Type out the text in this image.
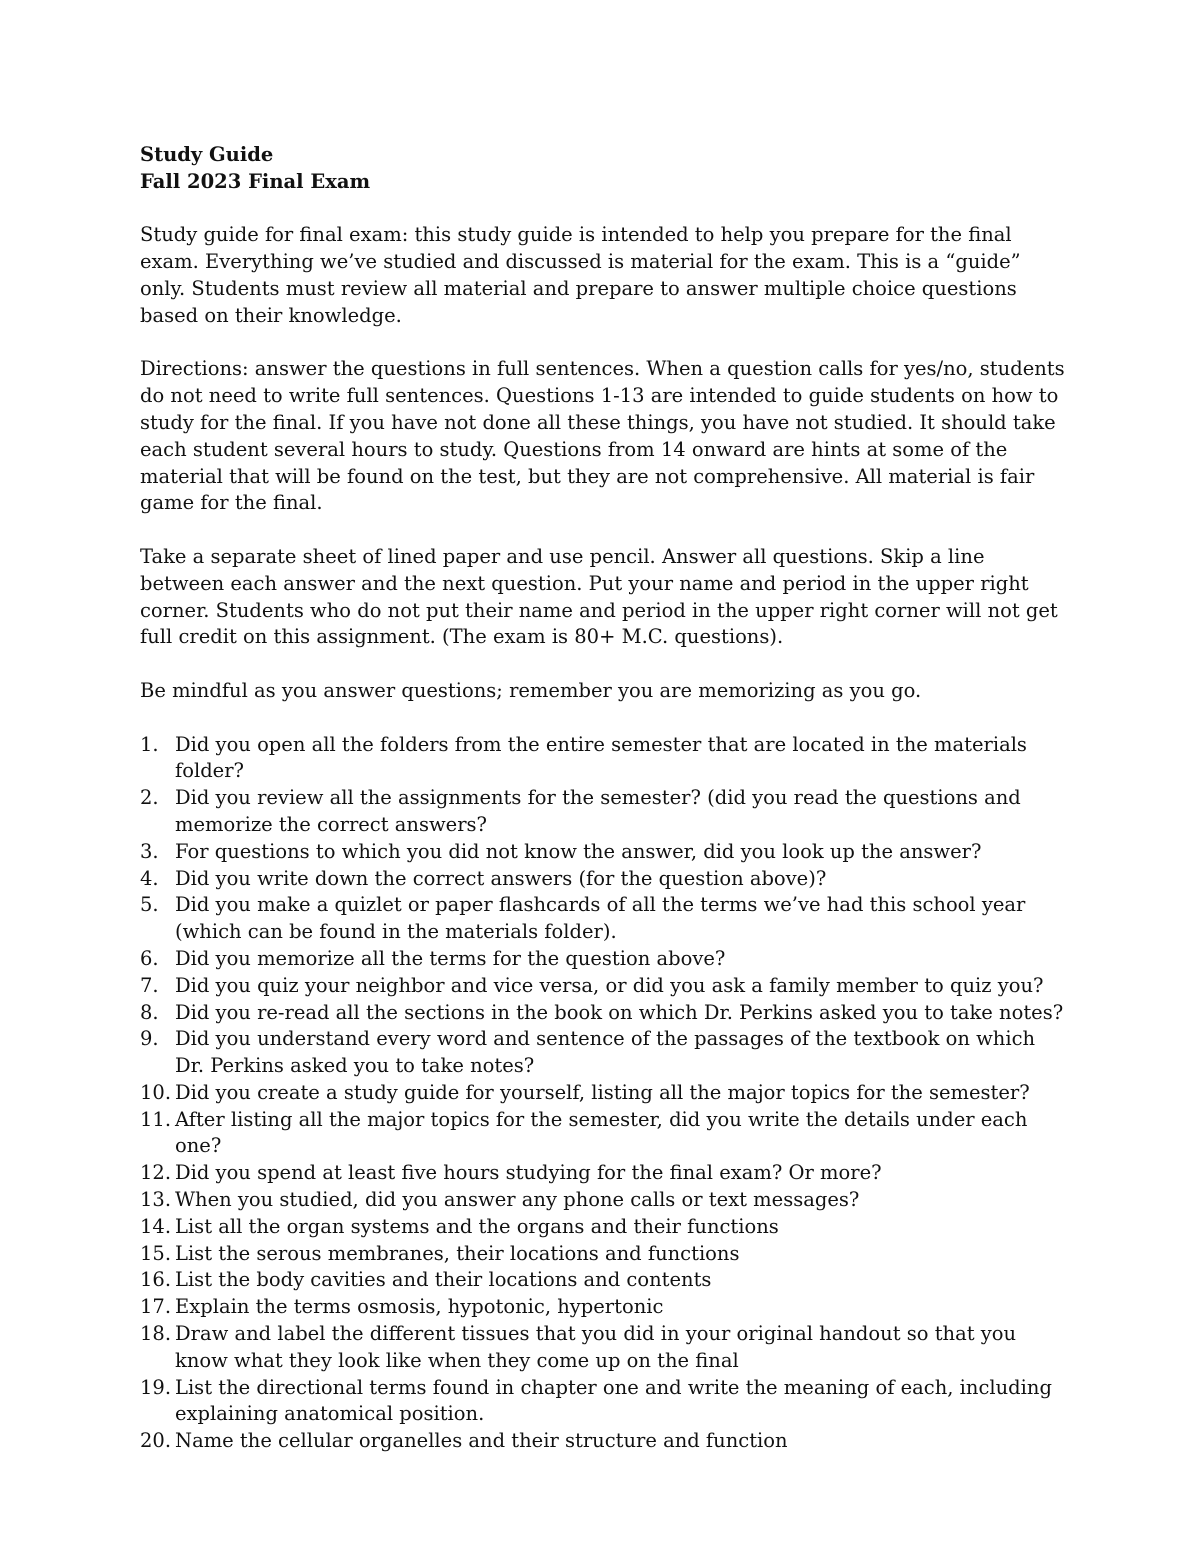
Study Guide

Fall 2023 Final Exam

Study guide for final exam: this study guide is intended to help you prepare for the final exam. Everything we’ve studied and discussed is material for the exam. This is a “guide” only. Students must review all material and prepare to answer multiple choice questions based on their knowledge.

Directions: answer the questions in full sentences. When a question calls for yes/no, students do not need to write full sentences. Questions 1-13 are intended to guide students on how to study for the final. If you have not done all these things, you have not studied. It should take each student several hours to study. Questions from 14 onward are hints at some of the material that will be found on the test, but they are not comprehensive. All material is fair game for the final.

Take a separate sheet of lined paper and use pencil. Answer all questions. Skip a line between each answer and the next question. Put your name and period in the upper right corner. Students who do not put their name and period in the upper right corner will not get full credit on this assignment. (The exam is 80+ M.C. questions).

Be mindful as you answer questions; remember you are memorizing as you go.

1. Did you open all the folders from the entire semester that are located in the materials folder?
2. Did you review all the assignments for the semester? (did you read the questions and memorize the correct answers?
3. For questions to which you did not know the answer, did you look up the answer?
4. Did you write down the correct answers (for the question above)?
5. Did you make a quizlet or paper flashcards of all the terms we’ve had this school year (which can be found in the materials folder).
6. Did you memorize all the terms for the question above?
7. Did you quiz your neighbor and vice versa, or did you ask a family member to quiz you?
8. Did you re-read all the sections in the book on which Dr. Perkins asked you to take notes?
9. Did you understand every word and sentence of the passages of the textbook on which Dr. Perkins asked you to take notes?
10. Did you create a study guide for yourself, listing all the major topics for the semester?
11. After listing all the major topics for the semester, did you write the details under each one?
12. Did you spend at least five hours studying for the final exam? Or more?
13. When you studied, did you answer any phone calls or text messages?
14. List all the organ systems and the organs and their functions
15. List the serous membranes, their locations and functions
16. List the body cavities and their locations and contents
17. Explain the terms osmosis, hypotonic, hypertonic
18. Draw and label the different tissues that you did in your original handout so that you know what they look like when they come up on the final
19. List the directional terms found in chapter one and write the meaning of each, including explaining anatomical position.
20. Name the cellular organelles and their structure and function
